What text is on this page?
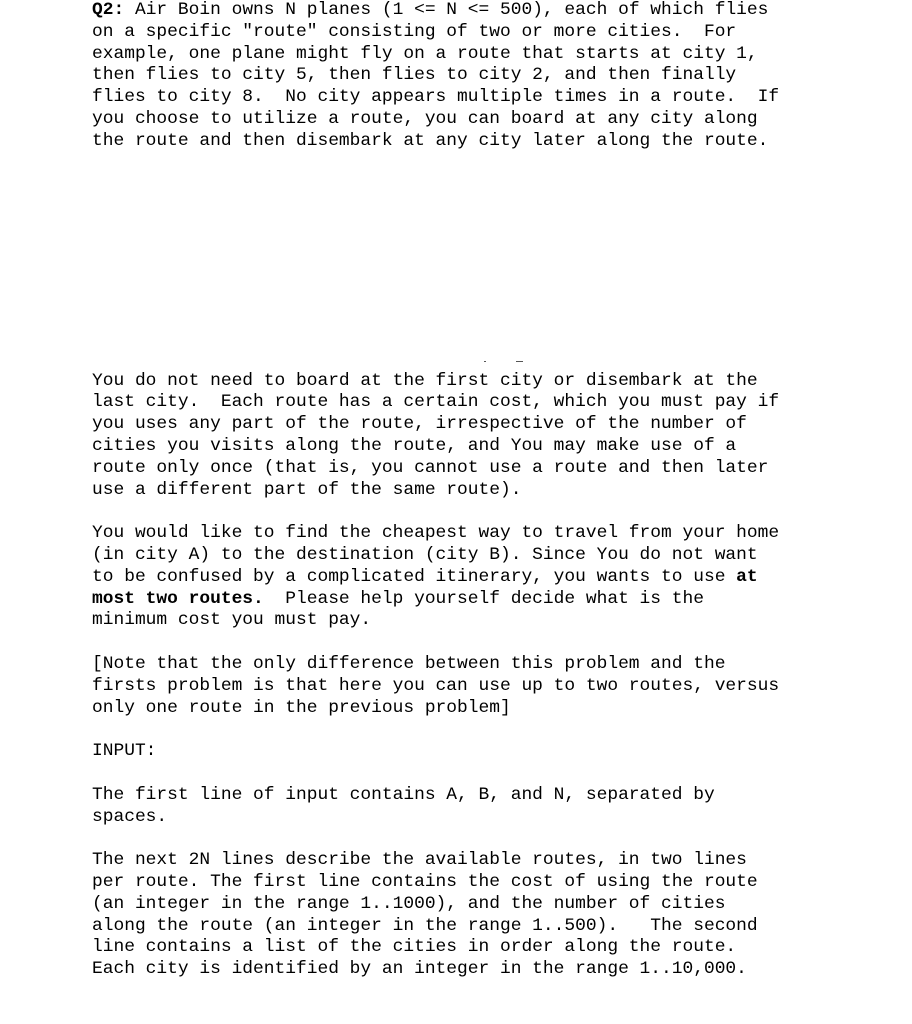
Q2: Air Boin owns N planes (1 <= N <= 500), each of which flies
on a specific "route" consisting of two or more cities.  For
example, one plane might fly on a route that starts at city 1,
then flies to city 5, then flies to city 2, and then finally
flies to city 8.  No city appears multiple times in a route.  If
you choose to utilize a route, you can board at any city along
the route and then disembark at any city later along the route.
You do not need to board at the first city or disembark at the
last city.  Each route has a certain cost, which you must pay if
you uses any part of the route, irrespective of the number of
cities you visits along the route, and You may make use of a
route only once (that is, you cannot use a route and then later
use a different part of the same route).
You would like to find the cheapest way to travel from your home
(in city A) to the destination (city B). Since You do not want
to be confused by a complicated itinerary, you wants to use at
most two routes.  Please help yourself decide what is the
minimum cost you must pay.
[Note that the only difference between this problem and the
firsts problem is that here you can use up to two routes, versus
only one route in the previous problem]
INPUT:
The first line of input contains A, B, and N, separated by
spaces.
The next 2N lines describe the available routes, in two lines
per route. The first line contains the cost of using the route
(an integer in the range 1..1000), and the number of cities
along the route (an integer in the range 1..500).   The second
line contains a list of the cities in order along the route.
Each city is identified by an integer in the range 1..10,000.
